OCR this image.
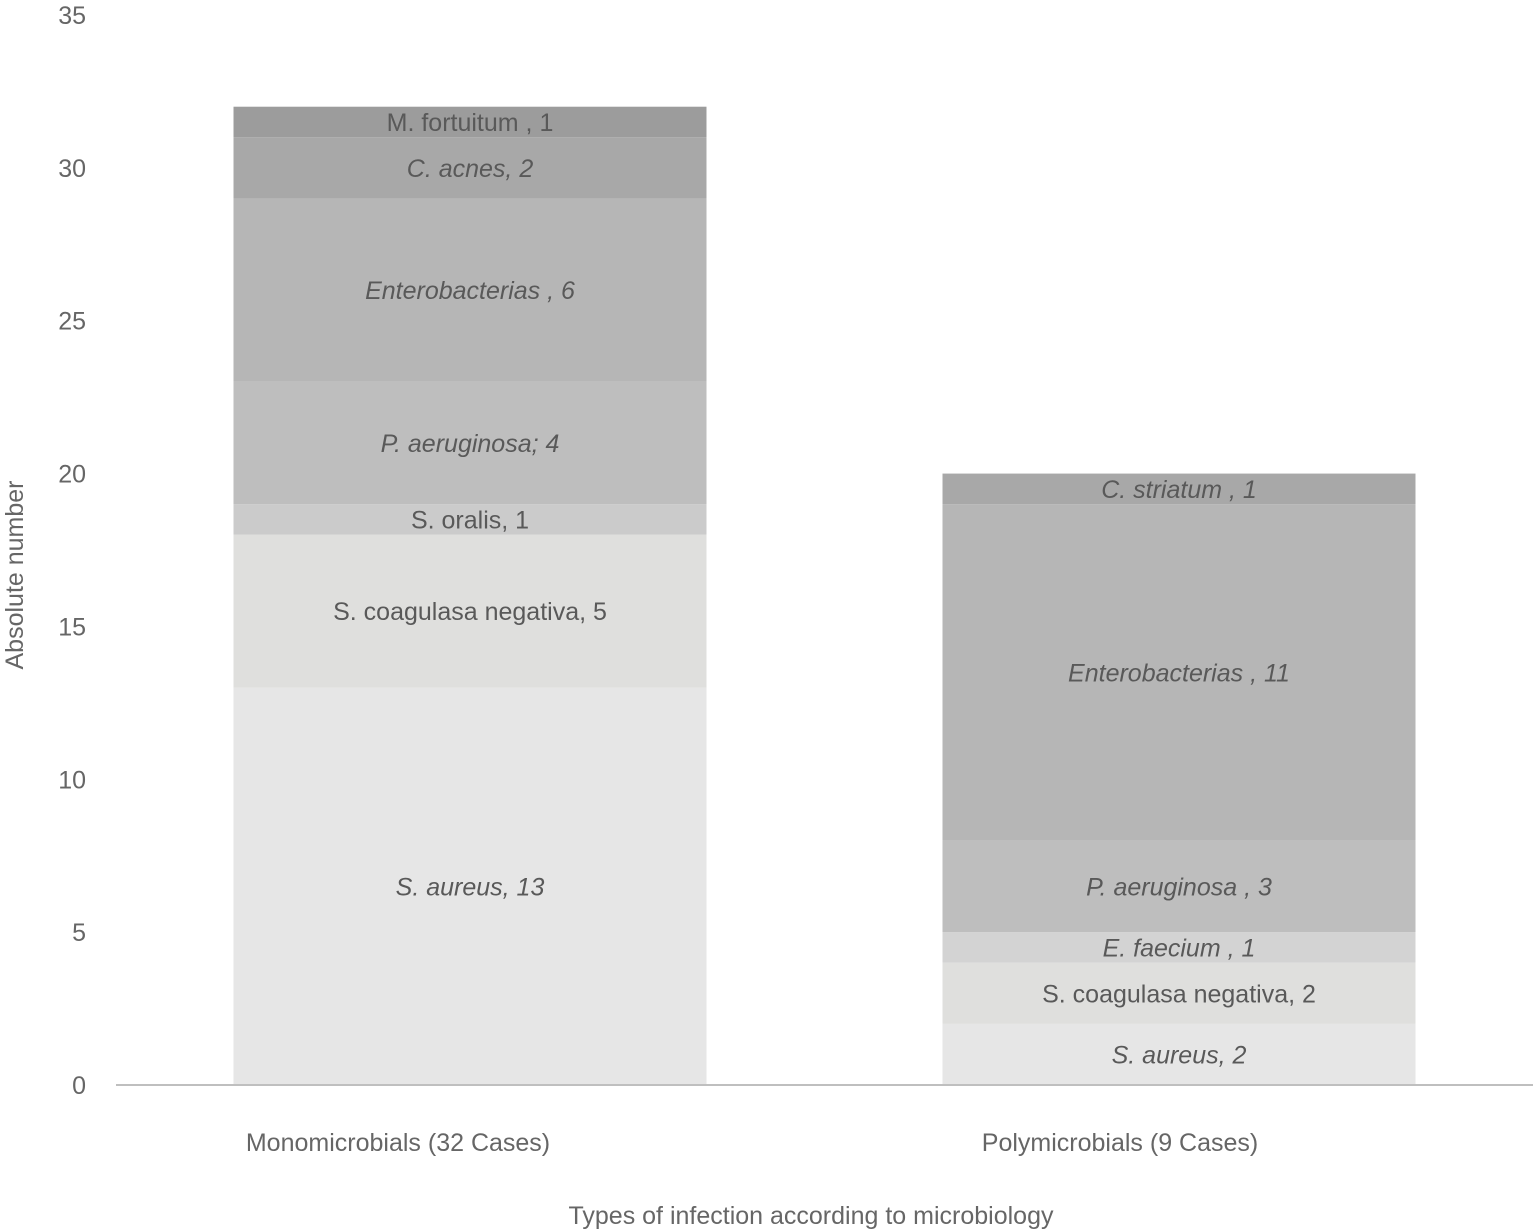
0
5
10
15
20
25
30
35
S. aureus, 13
S. coagulasa negativa, 5
S. oralis, 1
P. aeruginosa; 4
Enterobacterias , 6
C. acnes, 2
M. fortuitum , 1
S. aureus, 2
S. coagulasa negativa, 2
E. faecium , 1
P. aeruginosa , 3
Enterobacterias , 11
C. striatum , 1
Monomicrobials (32 Cases)	Polymicrobials (9 Cases)
Types of infection according to microbiology
Absolute number
